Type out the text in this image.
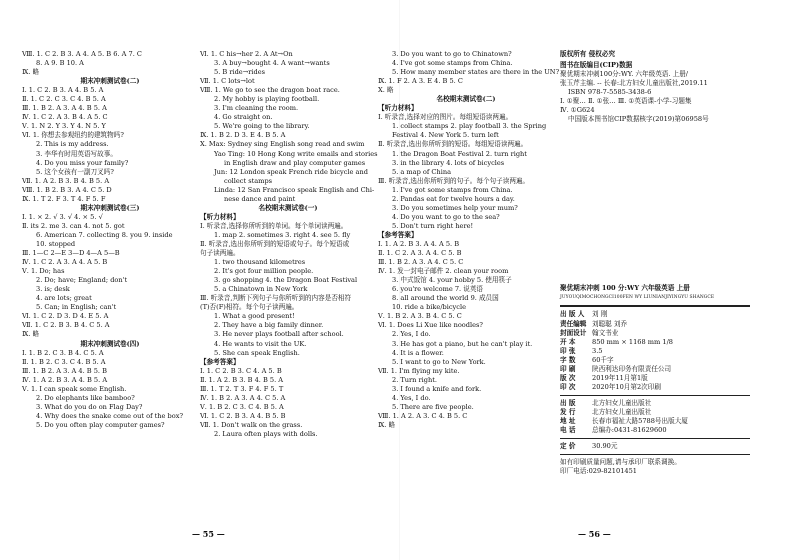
Ⅷ. 1. C 2. B 3. A 4. A 5. B 6. A 7. C
8. A 9. B 10. A
Ⅸ. 略
期末冲刺测试卷(二)
Ⅰ. 1. C 2. B 3. A 4. B 5. A
Ⅱ. 1. C 2. C 3. C 4. B 5. A
Ⅲ. 1. B 2. A 3. A 4. B 5. A
Ⅳ. 1. C 2. A 3. B 4. A 5. C
Ⅴ. 1. N 2. Y 3. Y 4. N 5. Y
Ⅵ. 1. 你想去参观纽约的建筑物吗?
2. This is my address.
3. 李华有时用英语写故事。
4. Do you miss your family?
5. 这个女孩有一副刀叉吗?
Ⅶ. 1. A 2. B 3. B 4. B 5. A
Ⅷ. 1. B 2. B 3. A 4. C 5. D
Ⅸ. 1. T 2. F 3. T 4. F 5. F
期末冲刺测试卷(三)
Ⅰ. 1. × 2. √ 3. √ 4. × 5. √
Ⅱ. its 2. me 3. can 4. not 5. got
6. American 7. collecting 8. you 9. inside
10. stopped
Ⅲ. 1—C 2—E 3—D 4—A 5—B
Ⅳ. 1. C 2. A 3. A 4. A 5. B
Ⅴ. 1. Do; has
2. Do; have; England; don't
3. is; desk
4. are lots; great
5. Can; in English; can't
Ⅵ. 1. C 2. D 3. D 4. E 5. A
Ⅶ. 1. C 2. B 3. B 4. C 5. A
Ⅸ. 略
期末冲刺测试卷(四)
Ⅰ. 1. B 2. C 3. B 4. C 5. A
Ⅱ. 1. B 2. C 3. C 4. B 5. A
Ⅲ. 1. B 2. A 3. A 4. B 5. B
Ⅳ. 1. A 2. B 3. A 4. B 5. A
Ⅴ. 1. I can speak some English.
2. Do elephants like bamboo?
3. What do you do on Flag Day?
4. Why does the snake come out of the box?
5. Do you often play computer games?
Ⅵ. 1. C his→her 2. A At→On
3. A buy→bought 4. A want→wants
5. B ride→rides
Ⅶ. 1. C lots→lot
Ⅷ. 1. We go to see the dragon boat race.
2. My hobby is playing football.
3. I'm cleaning the room.
4. Go straight on.
5. We're going to the library.
Ⅸ. 1. B 2. D 3. E 4. B 5. A
Ⅹ. Max: Sydney sing English song read and swim
Yao Ting: 10 Hong Kong write emails and stories
in English draw and play computer games
Jun: 12 London speak French ride bicycle and
collect stamps
Linda: 12 San Francisco speak English and Chi-
nese dance and paint
名校期末测试卷(一)
【听力材料】
Ⅰ. 听录音,选择你所听到的单词。每个单词读两遍。
1. map 2. sometimes 3. right 4. see 5. fly
Ⅱ. 听录音,选出你所听到的短语或句子。每个短语或
句子读两遍。
1. two thousand kilometres
2. It's got four million people.
3. go shopping 4. the Dragon Boat Festival
5. a Chinatown in New York
Ⅲ. 听录音,判断下列句子与你所听到的内容是否相符
(T)否(F)相符。每个句子读两遍。
1. What a good present!
2. They have a big family dinner.
3. He never plays football after school.
4. He wants to visit the UK.
5. She can speak English.
【参考答案】
Ⅰ. 1. C 2. B 3. C 4. A 5. B
Ⅱ. 1. A 2. B 3. B 4. B 5. A
Ⅲ. 1. T 2. T 3. F 4. F 5. T
Ⅳ. 1. B 2. A 3. A 4. C 5. A
Ⅴ. 1. B 2. C 3. C 4. B 5. A
Ⅵ. 1. C 2. B 3. A 4. B 5. B
Ⅶ. 1. Don't walk on the grass.
2. Laura often plays with dolls.
3. Do you want to go to Chinatown?
4. I've got some stamps from China.
5. How many member states are there in the UN?
Ⅸ. 1. F 2. A 3. E 4. B 5. C
Ⅹ. 略
名校期末测试卷(二)
【听力材料】
Ⅰ. 听录音,选择对应的图片。每组短语读两遍。
1. collect stamps 2. play football 3. the Spring
Festival 4. New York 5. turn left
Ⅱ. 听录音,选出你所听到的短语。每组短语读两遍。
1. the Dragon Boat Festival 2. turn right
3. in the library 4. lots of bicycles
5. a map of China
Ⅲ. 听录音,选出你所听到的句子。每个句子读两遍。
1. I've got some stamps from China.
2. Pandas eat for twelve hours a day.
3. Do you sometimes help your mum?
4. Do you want to go to the sea?
5. Don't turn right here!
【参考答案】
Ⅰ. 1. A 2. B 3. A 4. A 5. B
Ⅱ. 1. C 2. A 3. A 4. C 5. B
Ⅲ. 1. B 2. A 3. A 4. C 5. C
Ⅳ. 1. 发一封电子邮件 2. clean your room
3. 中式饭馆 4. your hobby 5. 使用筷子
6. you're welcome 7. 说英语
8. all around the world 9. 成员国
10. ride a bike/bicycle
Ⅴ. 1. B 2. A 3. B 4. C 5. C
Ⅵ. 1. Does Li Xue like noodles?
2. Yes, I do.
3. He has got a piano, but he can't play it.
4. It is a flower.
5. I want to go to New York.
Ⅶ. 1. I'm flying my kite.
2. Turn right.
3. I found a knife and fork.
4. Yes, I do.
5. There are five people.
Ⅷ. 1. A 2. A 3. C 4. B 5. C
Ⅸ. 略
版权所有 侵权必究
图书在版编目(CIP)数据
聚优期末冲刺100分:WY. 六年级英语. 上册/
张玉芹主编. -- 长春:北方妇女儿童出版社,2019.11
ISBN 978-7-5585-3438-6
Ⅰ. ①聚… Ⅱ. ①张… Ⅲ. ①英语课-小学-习题集
Ⅳ. ①G624
中国版本图书馆CIP数据核字(2019)第06958号
聚优期末冲刺 100 分:WY 六年级英语 上册
JUYOUQIMOCHONGCI100FEN WY LIUNIANJIYINGYU SHANGCE
出 版 人	刘 刚
责任编辑 刘聪聪 刘乔
封面设计 翰文书业
开 本	850 mm × 1168 mm 1/8
印 张	3.5
字 数	60千字
印 刷	陕西利达印务有限责任公司
版 次	2019年11月第1版
印 次	2020年10月第2次印刷
出 版	北方妇女儿童出版社
发 行	北方妇女儿童出版社
地 址	长春市福祉大路5788号出版大厦
电 话	总编办:0431-81629600
定 价	30.90元
如有印刷质量问题,请与承印厂联系调换。
印厂电话:029-82101451
— 55 —	— 56 —
